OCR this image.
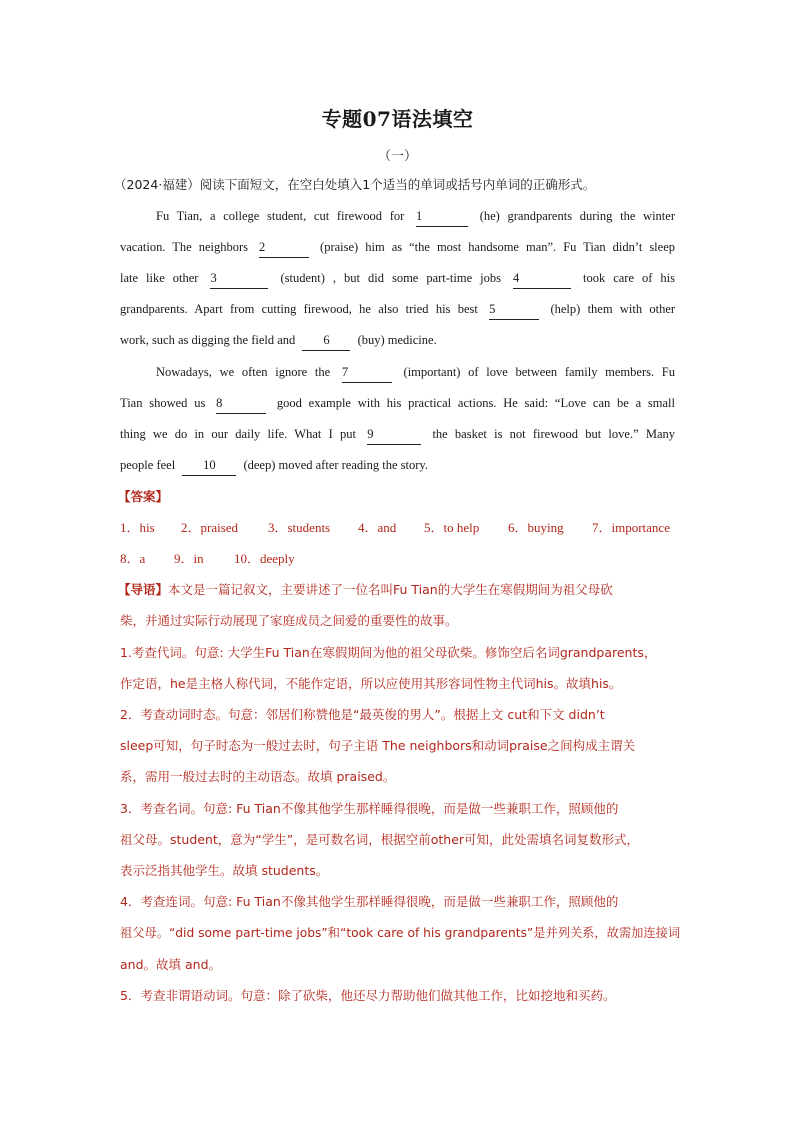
专题07语法填空
（一）
（2024·福建）阅读下面短文，在空白处填入1个适当的单词或括号内单词的正确形式。
Fu Tian, a college student, cut firewood for 1	(he) grandparents during the winter
vacation. The neighbors 2	(praise) him as “the most handsome man”. Fu Tian didn’t sleep
late like other 3	(student) , but did some part-time jobs 4	took care of his
grandparents. Apart from cutting firewood, he also tried his best 5	(help) them with other
work, such as digging the field and 6 (buy) medicine.
Nowadays, we often ignore the 7	(important) of love between family members. Fu
Tian showed us 8	good example with his practical actions. He said: “Love can be a small
thing we do in our daily life. What I put 9	the basket is not firewood but love.” Many
people feel 10 (deep) moved after reading the story.
【答案】
1．his 2．praised 3．students 4．and 5．to help 6．buying 7．importance
8．a 9．in 10．deeply
【导语】本文是一篇记叙文，主要讲述了一位名叫Fu Tian的大学生在寒假期间为祖父母砍
柴，并通过实际行动展现了家庭成员之间爱的重要性的故事。
1.考查代词。句意: 大学生Fu Tian在寒假期间为他的祖父母砍柴。修饰空后名词grandparents，
作定语，he是主格人称代词，不能作定语，所以应使用其形容词性物主代词his。故填his。
2．考查动词时态。句意：邻居们称赞他是“最英俊的男人”。根据上文 cut和下文 didn’t
sleep可知，句子时态为一般过去时，句子主语 The neighbors和动词praise之间构成主谓关
系，需用一般过去时的主动语态。故填 praised。
3．考查名词。句意: Fu Tian不像其他学生那样睡得很晚，而是做一些兼职工作，照顾他的
祖父母。student，意为“学生”，是可数名词，根据空前other可知，此处需填名词复数形式，
表示泛指其他学生。故填 students。
4．考查连词。句意: Fu Tian不像其他学生那样睡得很晚，而是做一些兼职工作，照顾他的
祖父母。“did some part-time jobs”和“took care of his grandparents”是并列关系，故需加连接词
and。故填 and。
5．考查非谓语动词。句意：除了砍柴，他还尽力帮助他们做其他工作，比如挖地和买药。
